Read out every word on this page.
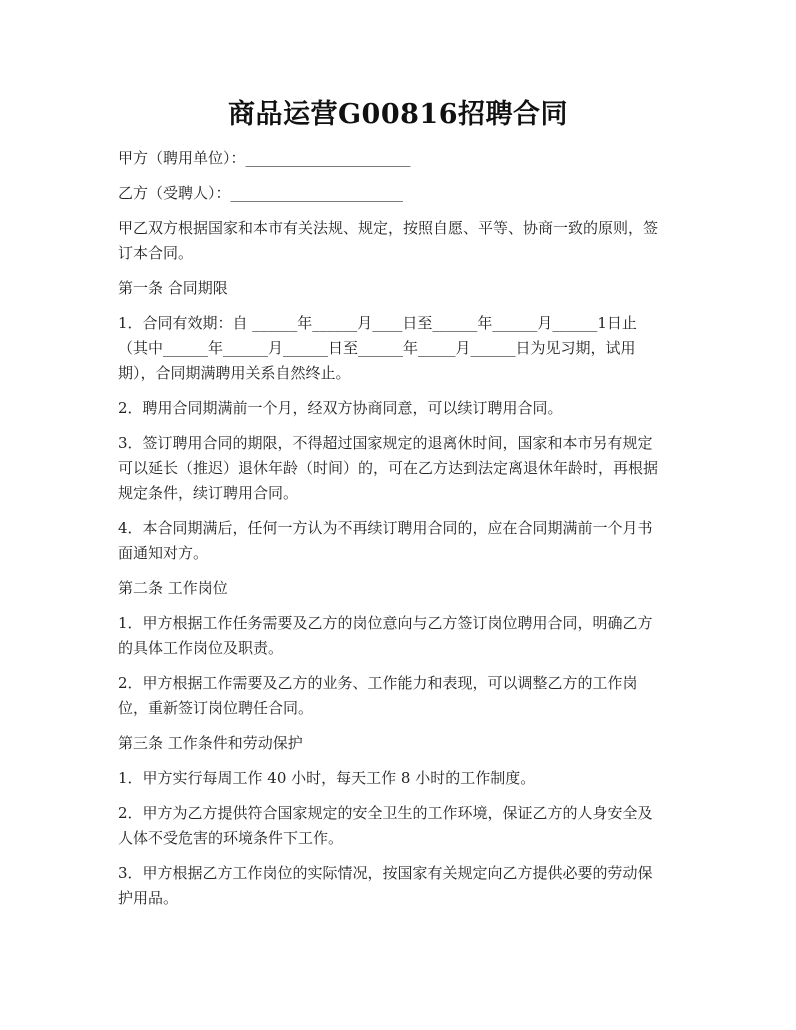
商品运营G00816招聘合同

甲方（聘用单位）：______________________

乙方（受聘人）：_______________________

甲乙双方根据国家和本市有关法规、规定，按照自愿、平等、协商一致的原则，签
订本合同。

第一条 合同期限

1．合同有效期：自 ______年______月____日至______年______月______1日止
（其中______年______月______日至______年_____月______日为见习期，试用
期），合同期满聘用关系自然终止。

2．聘用合同期满前一个月，经双方协商同意，可以续订聘用合同。

3．签订聘用合同的期限，不得超过国家规定的退离休时间，国家和本市另有规定
可以延长（推迟）退休年龄（时间）的，可在乙方达到法定离退休年龄时，再根据
规定条件，续订聘用合同。

4．本合同期满后，任何一方认为不再续订聘用合同的，应在合同期满前一个月书
面通知对方。

第二条 工作岗位

1．甲方根据工作任务需要及乙方的岗位意向与乙方签订岗位聘用合同，明确乙方
的具体工作岗位及职责。

2．甲方根据工作需要及乙方的业务、工作能力和表现，可以调整乙方的工作岗
位，重新签订岗位聘任合同。

第三条 工作条件和劳动保护

1．甲方实行每周工作 40 小时，每天工作 8 小时的工作制度。

2．甲方为乙方提供符合国家规定的安全卫生的工作环境，保证乙方的人身安全及
人体不受危害的环境条件下工作。

3．甲方根据乙方工作岗位的实际情况，按国家有关规定向乙方提供必要的劳动保
护用品。
